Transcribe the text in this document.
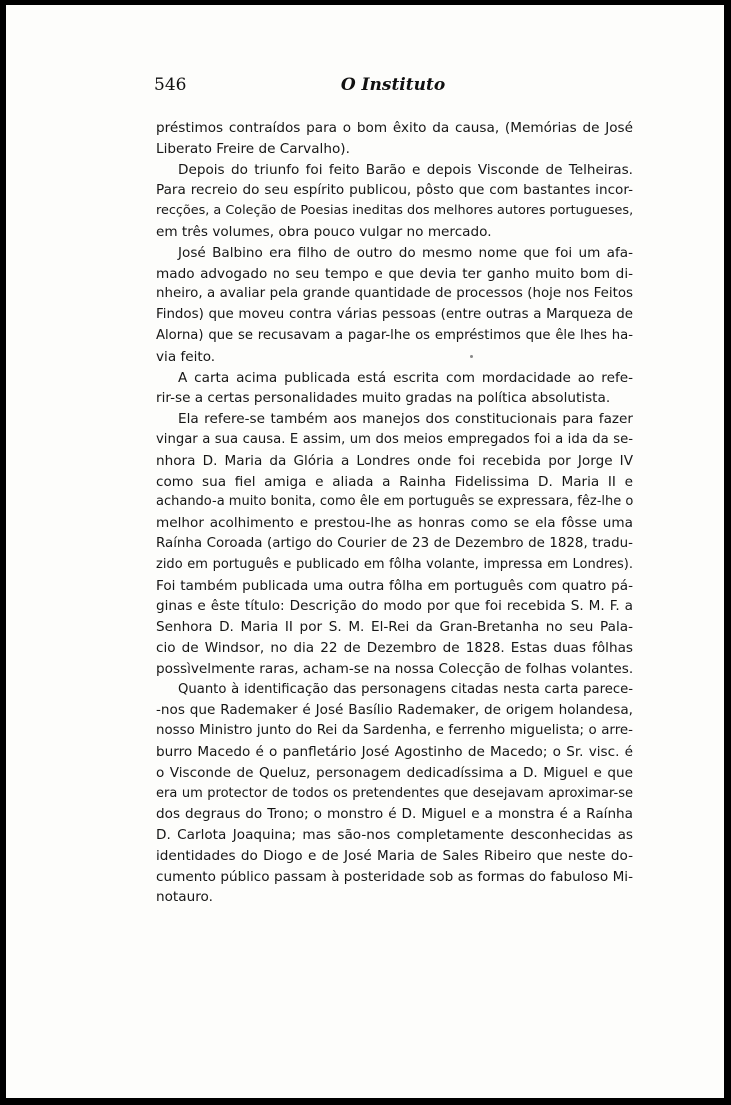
546	O Instituto

préstimos contraídos para o bom êxito da causa, (Memórias de José
Liberato Freire de Carvalho).

Depois do triunfo foi feito Barão e depois Visconde de Telheiras.
Para recreio do seu espírito publicou, pôsto que com bastantes incor-
recções, a Coleção de Poesias ineditas dos melhores autores portugueses,
em três volumes, obra pouco vulgar no mercado.

José Balbino era filho de outro do mesmo nome que foi um afa-
mado advogado no seu tempo e que devia ter ganho muito bom di-
nheiro, a avaliar pela grande quantidade de processos (hoje nos Feitos
Findos) que moveu contra várias pessoas (entre outras a Marqueza de
Alorna) que se recusavam a pagar-lhe os empréstimos que êle lhes ha-
via feito.

A carta acima publicada está escrita com mordacidade ao refe-
rir-se a certas personalidades muito gradas na política absolutista.

Ela refere-se também aos manejos dos constitucionais para fazer
vingar a sua causa. E assim, um dos meios empregados foi a ida da se-
nhora D. Maria da Glória a Londres onde foi recebida por Jorge IV
como sua fiel amiga e aliada a Rainha Fidelissima D. Maria II e
achando-a muito bonita, como êle em português se expressara, fêz-lhe o
melhor acolhimento e prestou-lhe as honras como se ela fôsse uma
Raínha Coroada (artigo do Courier de 23 de Dezembro de 1828, tradu-
zido em português e publicado em fôlha volante, impressa em Londres).
Foi também publicada uma outra fôlha em português com quatro pá-
ginas e êste título: Descrição do modo por que foi recebida S. M. F. a
Senhora D. Maria II por S. M. El-Rei da Gran-Bretanha no seu Pala-
cio de Windsor, no dia 22 de Dezembro de 1828. Estas duas fôlhas
possìvelmente raras, acham-se na nossa Colecção de folhas volantes.

Quanto à identificação das personagens citadas nesta carta parece-
-nos que Rademaker é José Basílio Rademaker, de origem holandesa,
nosso Ministro junto do Rei da Sardenha, e ferrenho miguelista; o arre-
burro Macedo é o panfletário José Agostinho de Macedo; o Sr. visc. é
o Visconde de Queluz, personagem dedicadíssima a D. Miguel e que
era um protector de todos os pretendentes que desejavam aproximar-se
dos degraus do Trono; o monstro é D. Miguel e a monstra é a Raínha
D. Carlota Joaquina; mas são-nos completamente desconhecidas as
identidades do Diogo e de José Maria de Sales Ribeiro que neste do-
cumento público passam à posteridade sob as formas do fabuloso Mi-
notauro.
